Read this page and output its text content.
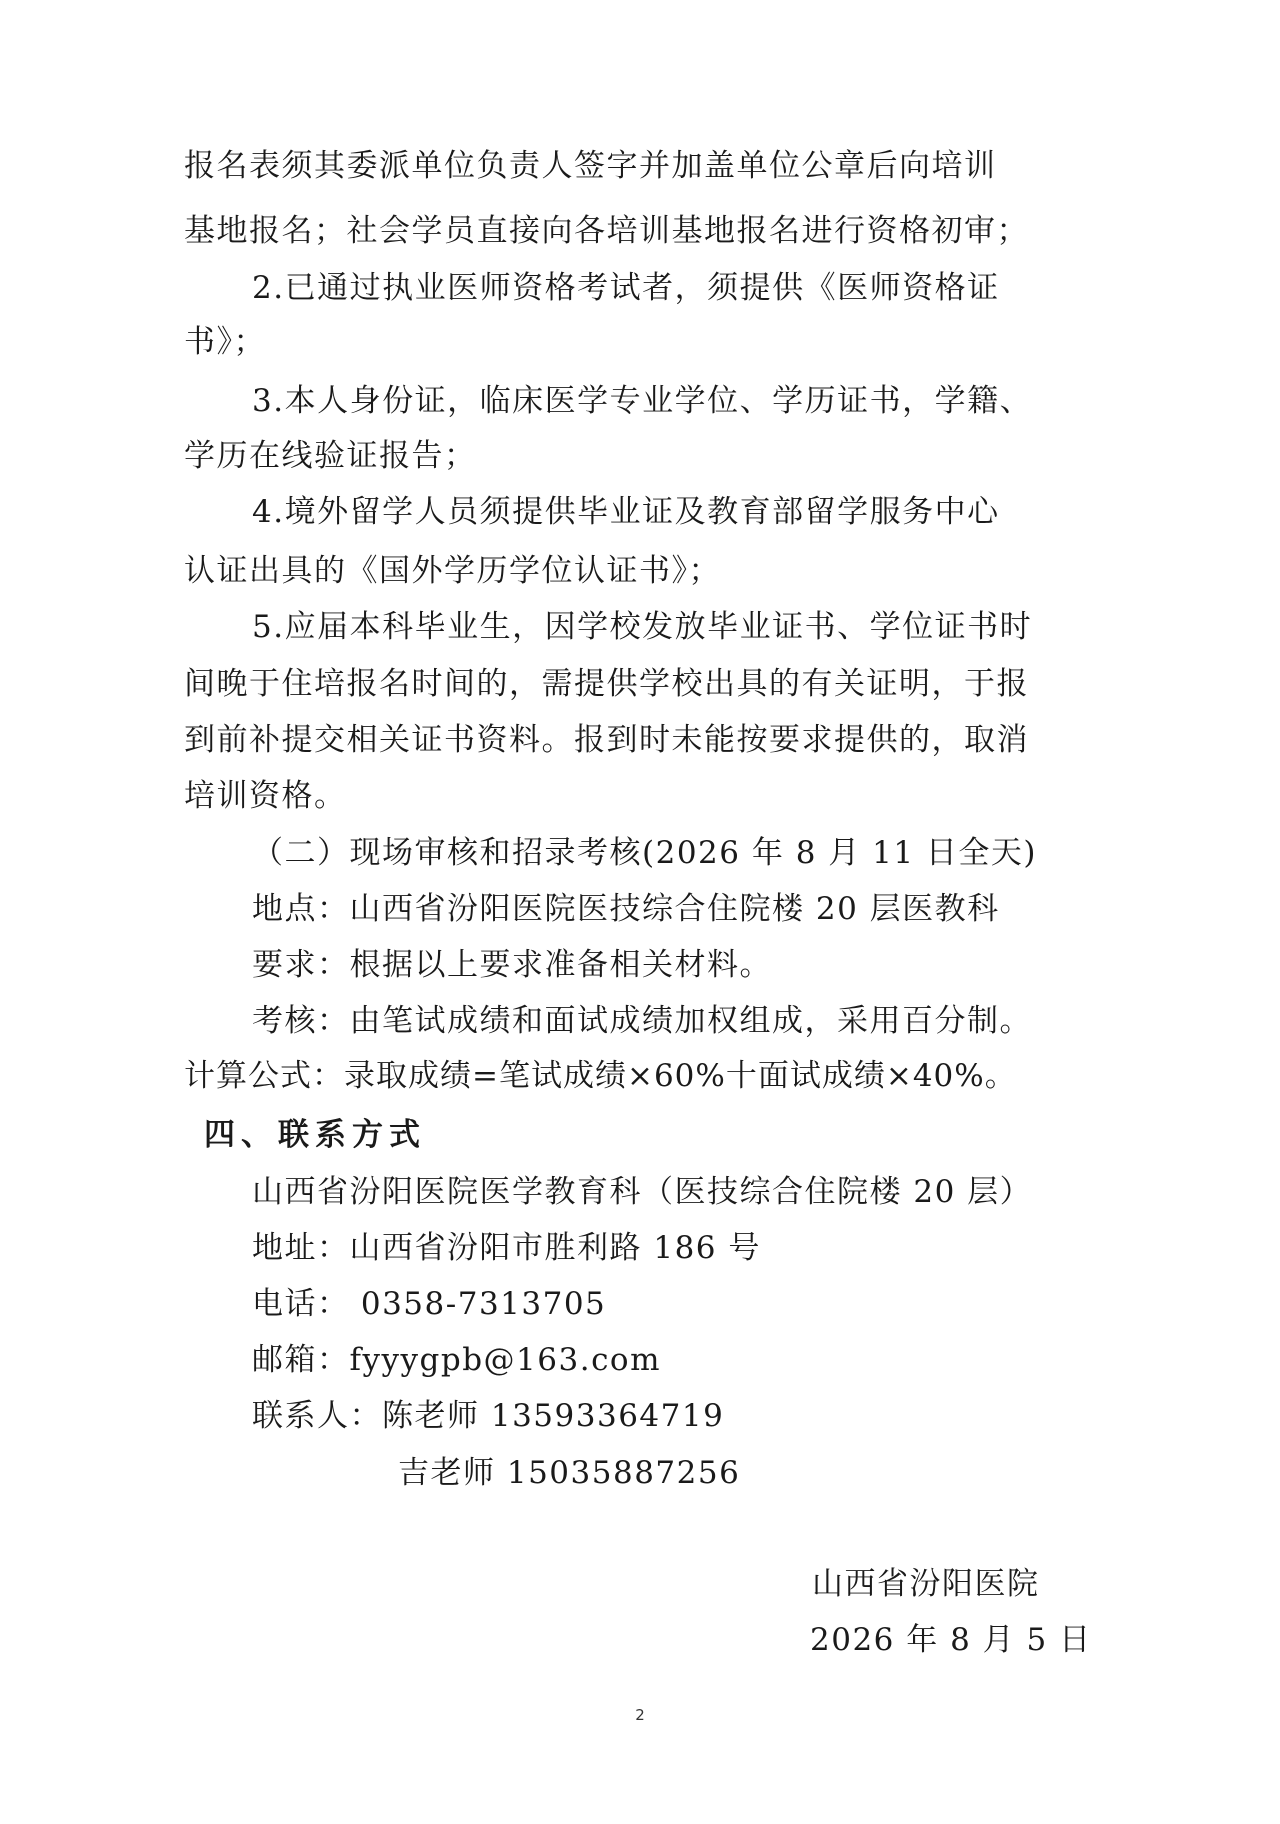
报名表须其委派单位负责人签字并加盖单位公章后向培训
基地报名；社会学员直接向各培训基地报名进行资格初审；
2.已通过执业医师资格考试者，须提供《医师资格证
书》；
3.本人身份证，临床医学专业学位、学历证书，学籍、
学历在线验证报告；
4.境外留学人员须提供毕业证及教育部留学服务中心
认证出具的《国外学历学位认证书》；
5.应届本科毕业生，因学校发放毕业证书、学位证书时
间晚于住培报名时间的，需提供学校出具的有关证明，于报
到前补提交相关证书资料。报到时未能按要求提供的，取消
培训资格。
（二）现场审核和招录考核(2026 年 8 月 11 日全天)
地点：山西省汾阳医院医技综合住院楼 20 层医教科
要求：根据以上要求准备相关材料。
考核：由笔试成绩和面试成绩加权组成，采用百分制。
计算公式：录取成绩=笔试成绩×60%十面试成绩×40%。
四、联系方式
山西省汾阳医院医学教育科（医技综合住院楼 20 层）
地址：山西省汾阳市胜利路 186 号
电话： 0358-7313705
邮箱：fyyygpb@163.com
联系人：陈老师 13593364719
吉老师 15035887256
山西省汾阳医院
2026 年 8 月 5 日
2
